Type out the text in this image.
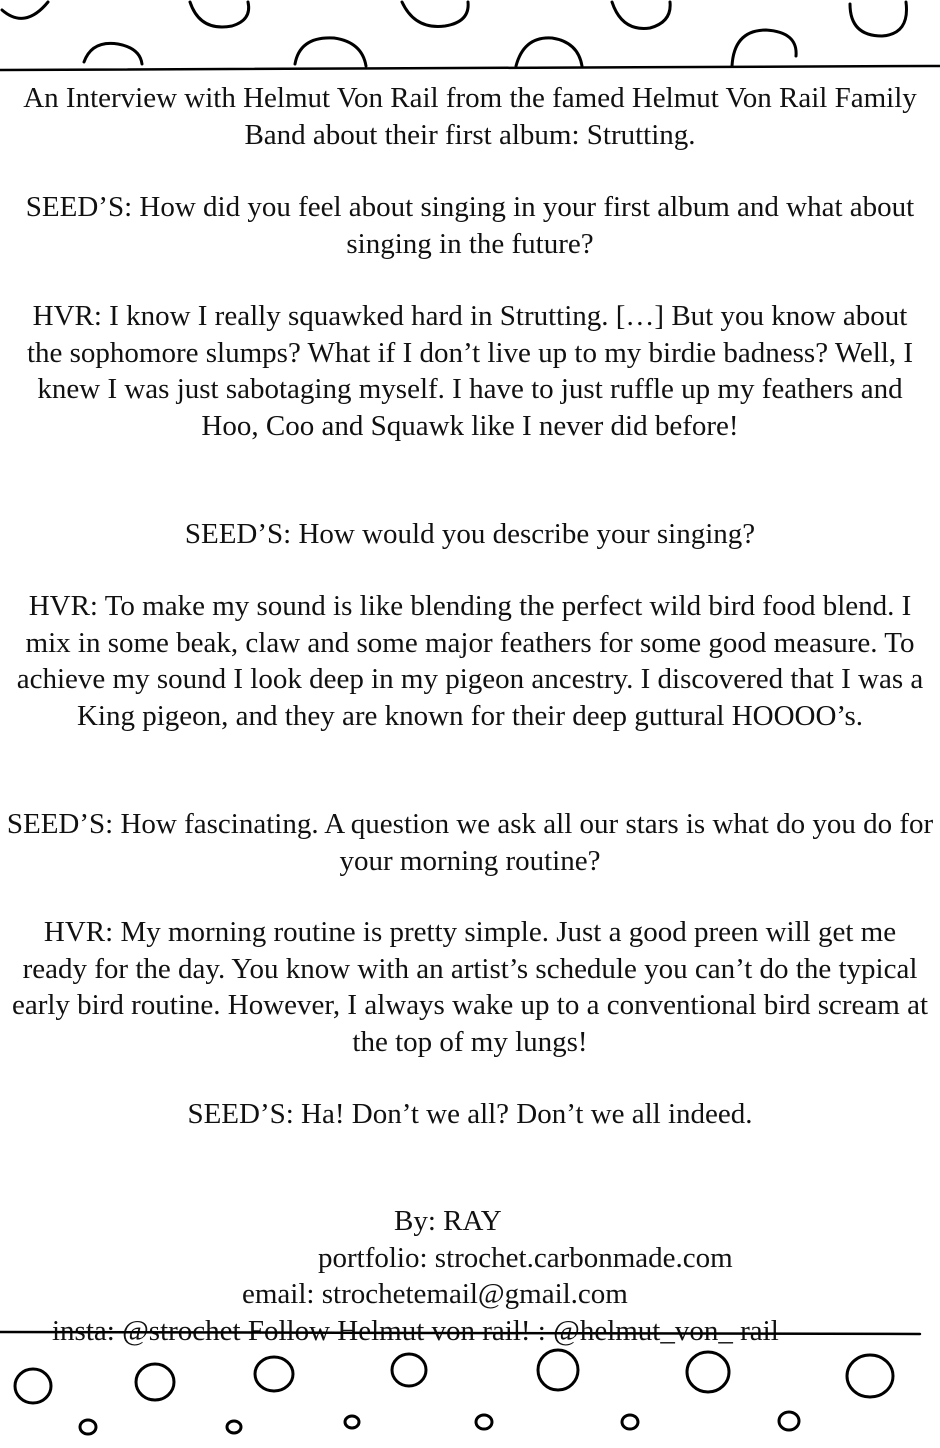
An Interview with Helmut Von Rail from the famed Helmut Von Rail Family Band about their first album: Strutting.

SEED’S: How did you feel about singing in your first album and what about singing in the future?

HVR: I know I really squawked hard in Strutting. […] But you know about the sophomore slumps? What if I don’t live up to my birdie badness? Well, I knew I was just sabotaging myself. I have to just ruffle up my feathers and Hoo, Coo and Squawk like I never did before!

SEED’S: How would you describe your singing?

HVR: To make my sound is like blending the perfect wild bird food blend. I mix in some beak, claw and some major feathers for some good measure. To achieve my sound I look deep in my pigeon ancestry. I discovered that I was a King pigeon, and they are known for their deep guttural HOOOO’s.

SEED’S: How fascinating. A question we ask all our stars is what do you do for your morning routine?

HVR: My morning routine is pretty simple. Just a good preen will get me ready for the day. You know with an artist’s schedule you can’t do the typical early bird routine. However, I always wake up to a conventional bird scream at the top of my lungs!

SEED’S: Ha! Don’t we all? Don’t we all indeed.

By: RAY
portfolio: strochet.carbonmade.com
email: strochetemail@gmail.com
insta: @strochet Follow Helmut von rail! : @helmut_von_ rail
